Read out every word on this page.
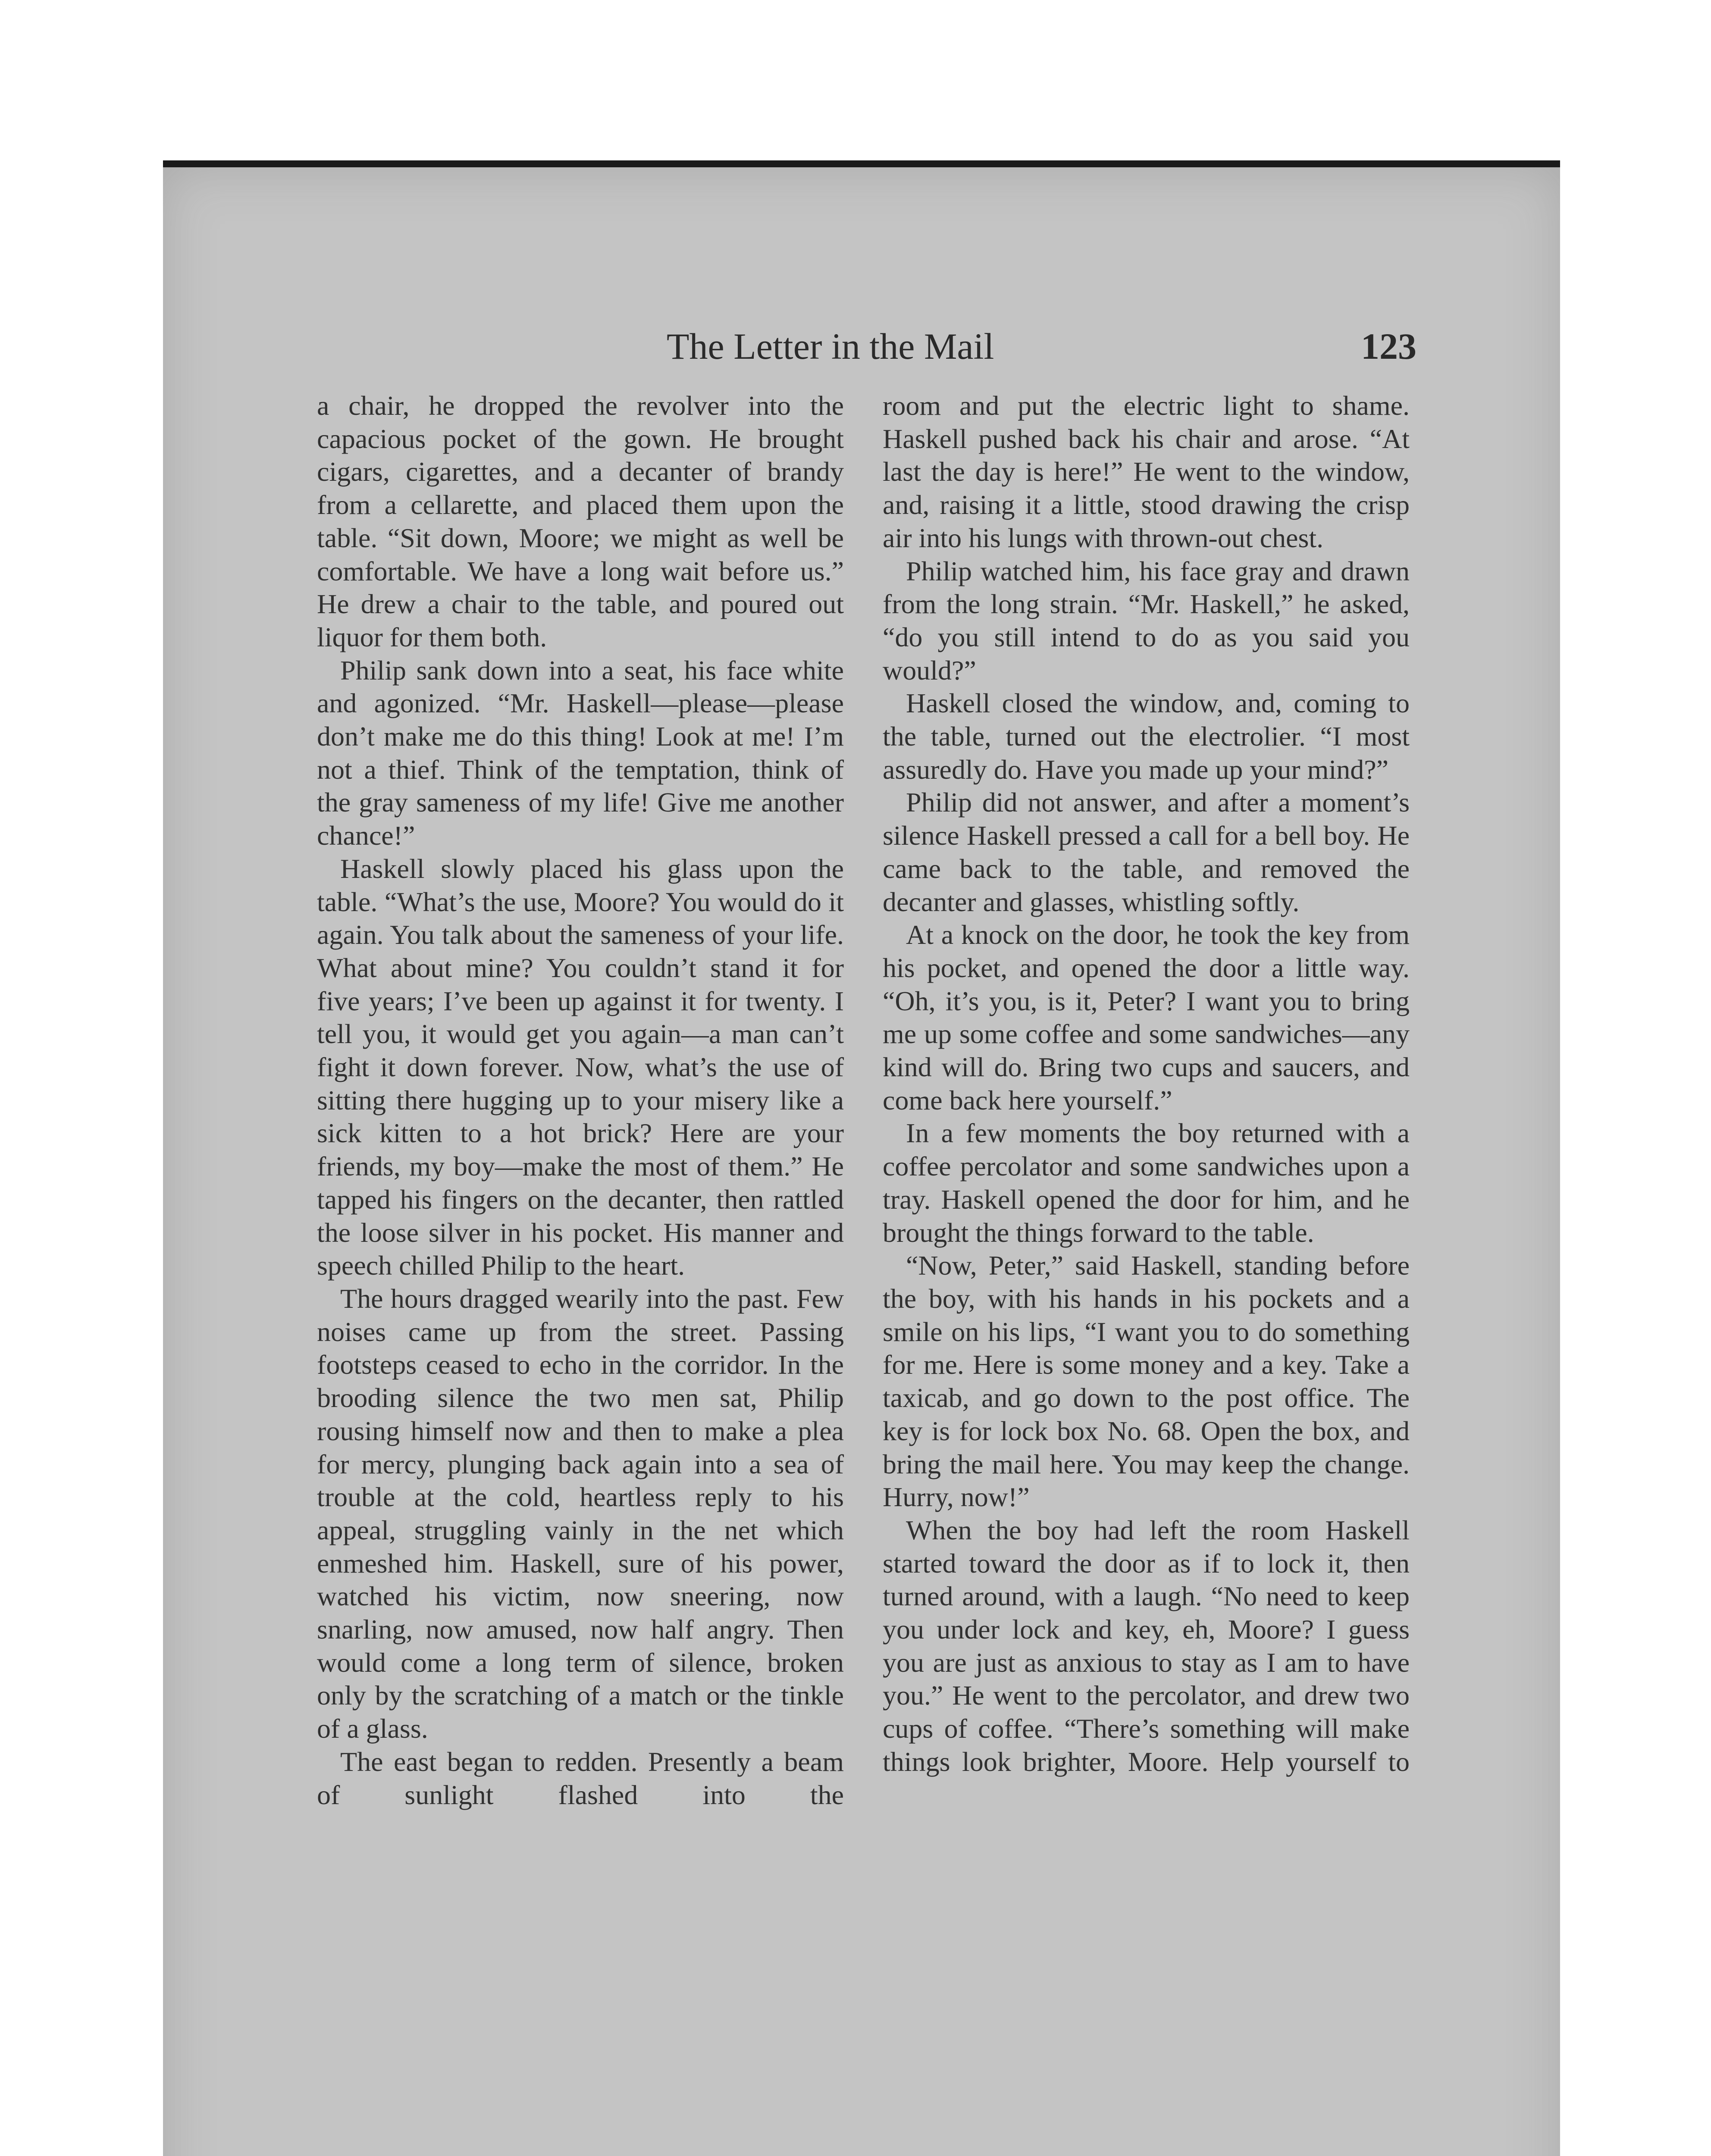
The Letter in the Mail	123

a chair, he dropped the revolver into the capacious pocket of the gown. He brought cigars, cigarettes, and a decanter of brandy from a cellarette, and placed them upon the table. “Sit down, Moore; we might as well be comfortable. We have a long wait before us.” He drew a chair to the table, and poured out liquor for them both.

Philip sank down into a seat, his face white and agonized. “Mr. Haskell—please—please don’t make me do this thing! Look at me! I’m not a thief. Think of the temptation, think of the gray sameness of my life! Give me another chance!”

Haskell slowly placed his glass upon the table. “What’s the use, Moore? You would do it again. You talk about the sameness of your life. What about mine? You couldn’t stand it for five years; I’ve been up against it for twenty. I tell you, it would get you again—a man can’t fight it down forever. Now, what’s the use of sitting there hugging up to your misery like a sick kitten to a hot brick? Here are your friends, my boy—make the most of them.” He tapped his fingers on the decanter, then rattled the loose silver in his pocket. His manner and speech chilled Philip to the heart.

The hours dragged wearily into the past. Few noises came up from the street. Passing footsteps ceased to echo in the corridor. In the brooding silence the two men sat, Philip rousing himself now and then to make a plea for mercy, plunging back again into a sea of trouble at the cold, heartless reply to his appeal, struggling vainly in the net which enmeshed him. Haskell, sure of his power, watched his victim, now sneering, now snarling, now amused, now half angry. Then would come a long term of silence, broken only by the scratching of a match or the tinkle of a glass.

The east began to redden. Presently a beam of sunlight flashed into the

room and put the electric light to shame. Haskell pushed back his chair and arose. “At last the day is here!” He went to the window, and, raising it a little, stood drawing the crisp air into his lungs with thrown-out chest.

Philip watched him, his face gray and drawn from the long strain. “Mr. Haskell,” he asked, “do you still intend to do as you said you would?”

Haskell closed the window, and, coming to the table, turned out the electrolier. “I most assuredly do. Have you made up your mind?”

Philip did not answer, and after a moment’s silence Haskell pressed a call for a bell boy. He came back to the table, and removed the decanter and glasses, whistling softly.

At a knock on the door, he took the key from his pocket, and opened the door a little way. “Oh, it’s you, is it, Peter? I want you to bring me up some coffee and some sandwiches—any kind will do. Bring two cups and saucers, and come back here yourself.”

In a few moments the boy returned with a coffee percolator and some sandwiches upon a tray. Haskell opened the door for him, and he brought the things forward to the table.

“Now, Peter,” said Haskell, standing before the boy, with his hands in his pockets and a smile on his lips, “I want you to do something for me. Here is some money and a key. Take a taxicab, and go down to the post office. The key is for lock box No. 68. Open the box, and bring the mail here. You may keep the change. Hurry, now!”

When the boy had left the room Haskell started toward the door as if to lock it, then turned around, with a laugh. “No need to keep you under lock and key, eh, Moore? I guess you are just as anxious to stay as I am to have you.” He went to the percolator, and drew two cups of coffee. “There’s something will make things look brighter, Moore. Help yourself to
